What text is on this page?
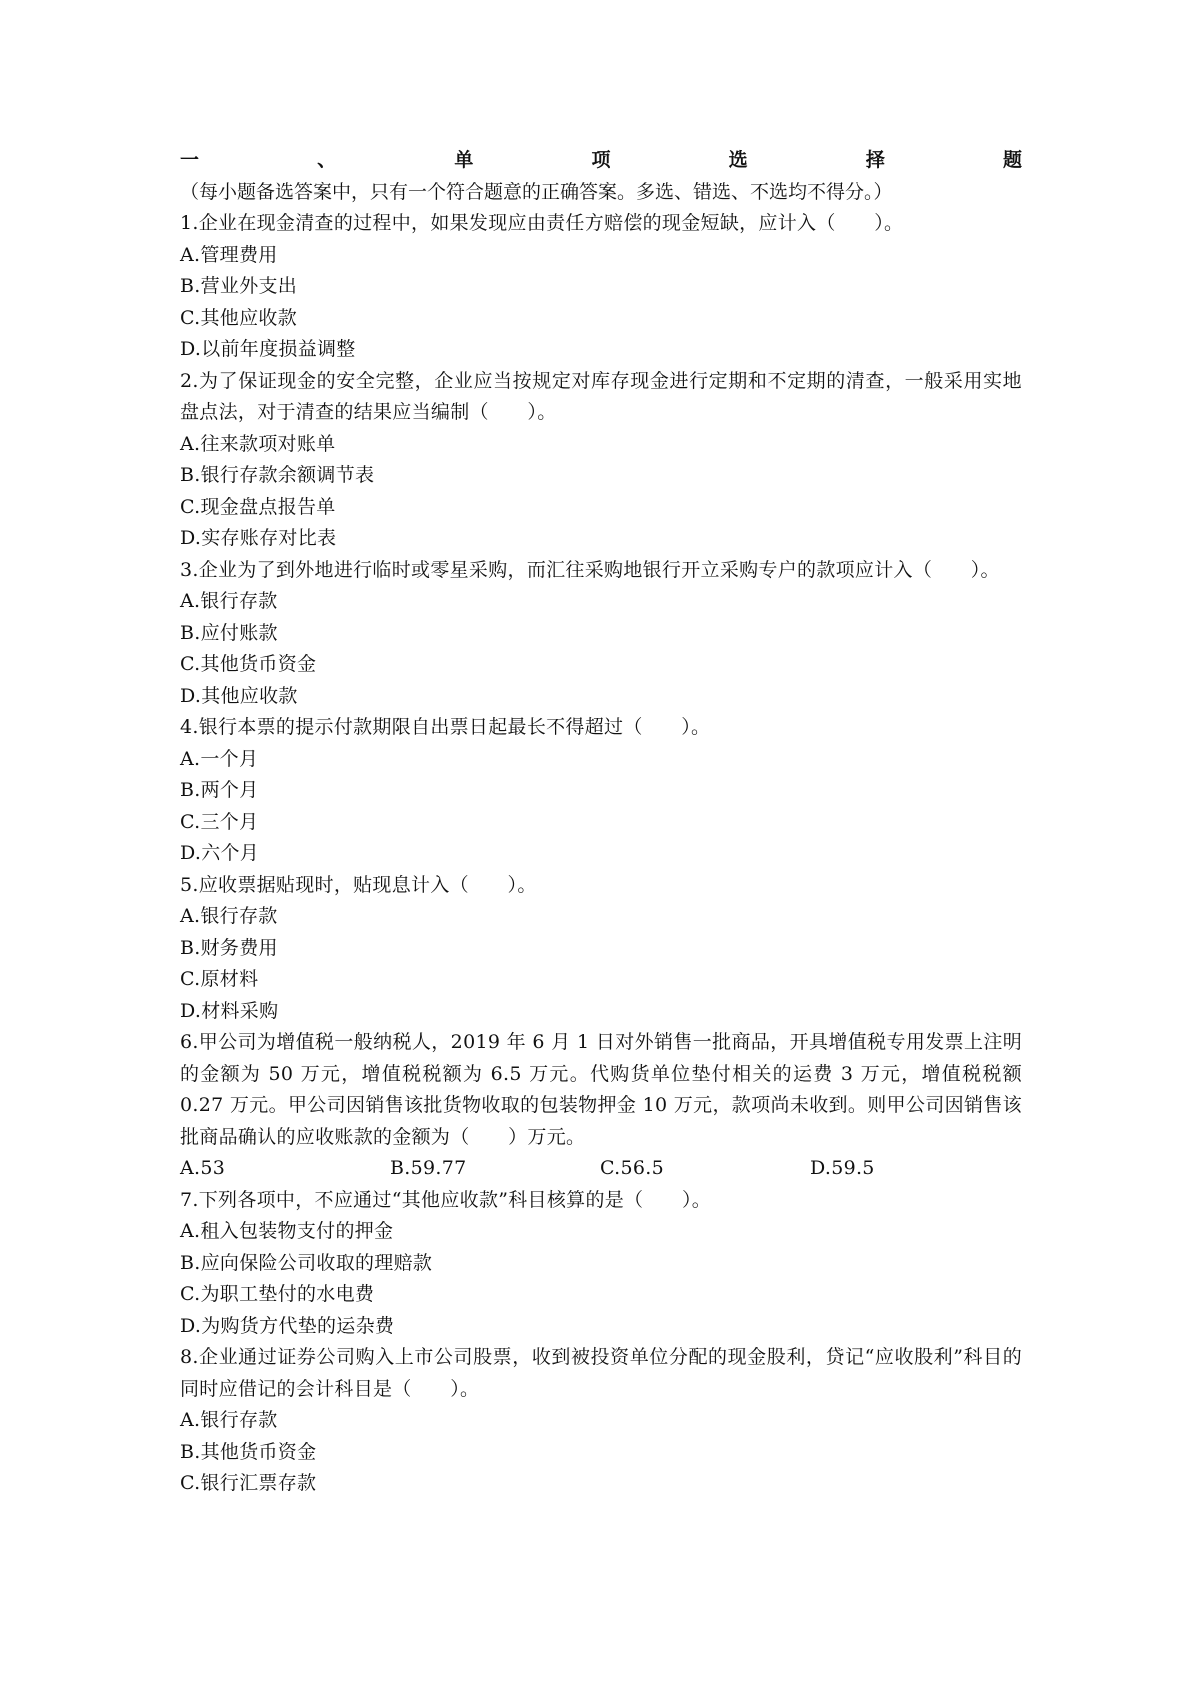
一、单项选择题（每小题备选答案中，只有一个符合题意的正确答案。多选、错选、不选均不得分。）
1.企业在现金清查的过程中，如果发现应由责任方赔偿的现金短缺，应计入（　　）。
A.管理费用
B.营业外支出
C.其他应收款
D.以前年度损益调整
2.为了保证现金的安全完整，企业应当按规定对库存现金进行定期和不定期的清查，一般采用实地盘点法，对于清查的结果应当编制（　　）。
A.往来款项对账单
B.银行存款余额调节表
C.现金盘点报告单
D.实存账存对比表
3.企业为了到外地进行临时或零星采购，而汇往采购地银行开立采购专户的款项应计入（　　）。
A.银行存款
B.应付账款
C.其他货币资金
D.其他应收款
4.银行本票的提示付款期限自出票日起最长不得超过（　　）。
A.一个月
B.两个月
C.三个月
D.六个月
5.应收票据贴现时，贴现息计入（　　）。
A.银行存款
B.财务费用
C.原材料
D.材料采购
6.甲公司为增值税一般纳税人，2019 年 6 月 1 日对外销售一批商品，开具增值税专用发票上注明的金额为 50 万元，增值税税额为 6.5 万元。代购货单位垫付相关的运费 3 万元，增值税税额 0.27 万元。甲公司因销售该批货物收取的包装物押金 10 万元，款项尚未收到。则甲公司因销售该批商品确认的应收账款的金额为（　　）万元。
A.53	B.59.77	C.56.5	D.59.5
7.下列各项中，不应通过“其他应收款”科目核算的是（　　）。
A.租入包装物支付的押金
B.应向保险公司收取的理赔款
C.为职工垫付的水电费
D.为购货方代垫的运杂费
8.企业通过证券公司购入上市公司股票，收到被投资单位分配的现金股利，贷记“应收股利”科目的同时应借记的会计科目是（　　）。
A.银行存款
B.其他货币资金
C.银行汇票存款
